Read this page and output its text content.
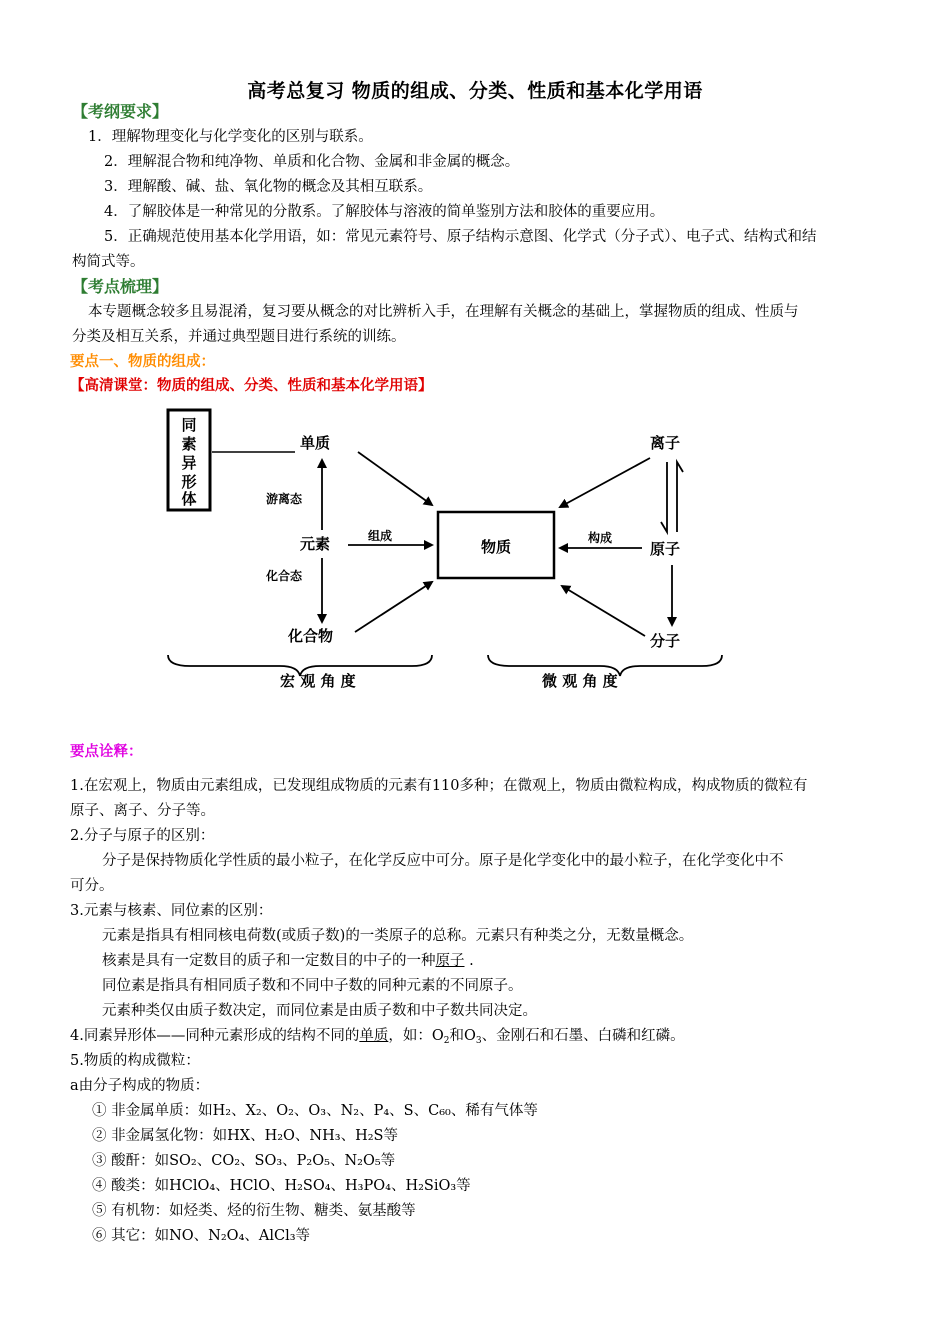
高考总复习 物质的组成、分类、性质和基本化学用语
【考纲要求】
1．理解物理变化与化学变化的区别与联系。
2．理解混合物和纯净物、单质和化合物、金属和非金属的概念。
3．理解酸、碱、盐、氧化物的概念及其相互联系。
4．了解胶体是一种常见的分散系。了解胶体与溶液的简单鉴别方法和胶体的重要应用。
5．正确规范使用基本化学用语，如：常见元素符号、原子结构示意图、化学式（分子式）、电子式、结构式和结
构简式等。
【考点梳理】
本专题概念较多且易混淆，复习要从概念的对比辨析入手，在理解有关概念的基础上，掌握物质的组成、性质与
分类及相互关系，并通过典型题目进行系统的训练。
要点一、物质的组成：
【高清课堂：物质的组成、分类、性质和基本化学用语】
同
素
异
形
体
单质
元素
化合物
游离态
化合态
物质
组成
离子
原子
分子
构成
宏 观 角 度	微 观 角 度
要点诠释：
1.在宏观上，物质由元素组成，已发现组成物质的元素有110多种；在微观上，物质由微粒构成，构成物质的微粒有
原子、离子、分子等。
2.分子与原子的区别：
分子是保持物质化学性质的最小粒子，在化学反应中可分。原子是化学变化中的最小粒子，在化学变化中不
可分。
3.元素与核素、同位素的区别：
元素是指具有相同核电荷数(或质子数)的一类原子的总称。元素只有种类之分，无数量概念。
核素是具有一定数目的质子和一定数目的中子的一种原子 .
同位素是指具有相同质子数和不同中子数的同种元素的不同原子。
元素种类仅由质子数决定，而同位素是由质子数和中子数共同决定。
4.同素异形体——同种元素形成的结构不同的单质，如：$O_2$和$O_3$、金刚石和石墨、白磷和红磷。
5.物质的构成微粒：
a由分子构成的物质：
① 非金属单质：如H₂、X₂、O₂、O₃、N₂、P₄、S、C₆₀、稀有气体等
② 非金属氢化物：如HX、H₂O、NH₃、H₂S等
③ 酸酐：如SO₂、CO₂、SO₃、P₂O₅、N₂O₅等
④ 酸类：如HClO₄、HClO、H₂SO₄、H₃PO₄、H₂SiO₃等
⑤ 有机物：如烃类、烃的衍生物、糖类、氨基酸等
⑥ 其它：如NO、N₂O₄、AlCl₃等
